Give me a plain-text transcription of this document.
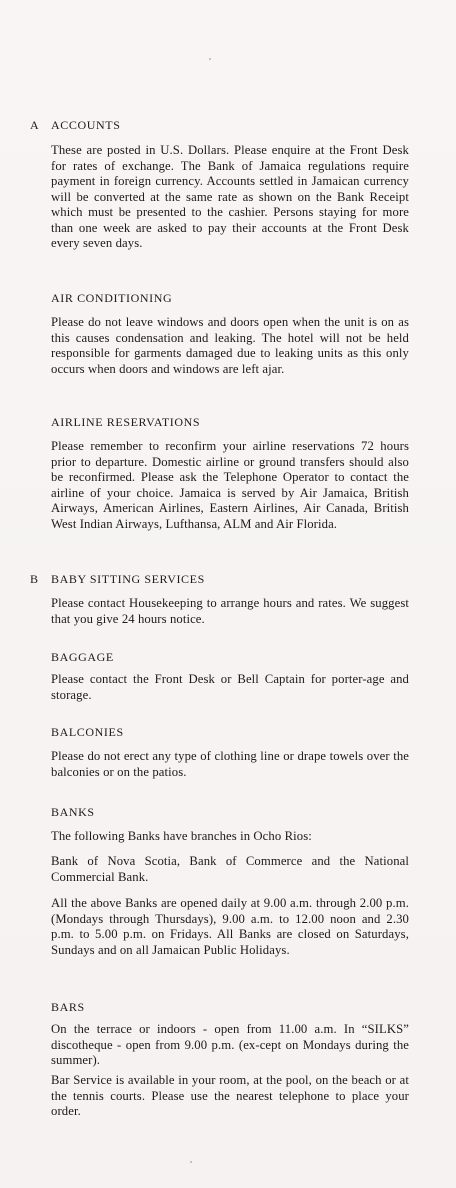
A ACCOUNTS
These are posted in U.S. Dollars. Please enquire at the Front Desk for rates of exchange. The Bank of Jamaica regulations require payment in foreign currency. Accounts settled in Jamaican currency will be converted at the same rate as shown on the Bank Receipt which must be presented to the cashier. Persons staying for more than one week are asked to pay their accounts at the Front Desk every seven days.
AIR CONDITIONING
Please do not leave windows and doors open when the unit is on as this causes condensation and leaking. The hotel will not be held responsible for garments damaged due to leaking units as this only occurs when doors and windows are left ajar.
AIRLINE RESERVATIONS
Please remember to reconfirm your airline reservations 72 hours prior to departure. Domestic airline or ground transfers should also be reconfirmed. Please ask the Telephone Operator to contact the airline of your choice. Jamaica is served by Air Jamaica, British Airways, American Airlines, Eastern Airlines, Air Canada, British West Indian Airways, Lufthansa, ALM and Air Florida.
B BABY SITTING SERVICES
Please contact Housekeeping to arrange hours and rates. We suggest that you give 24 hours notice.
BAGGAGE
Please contact the Front Desk or Bell Captain for porter-age and storage.
BALCONIES
Please do not erect any type of clothing line or drape towels over the balconies or on the patios.
BANKS
The following Banks have branches in Ocho Rios:
Bank of Nova Scotia, Bank of Commerce and the National Commercial Bank.
All the above Banks are opened daily at 9.00 a.m. through 2.00 p.m. (Mondays through Thursdays), 9.00 a.m. to 12.00 noon and 2.30 p.m. to 5.00 p.m. on Fridays. All Banks are closed on Saturdays, Sundays and on all Jamaican Public Holidays.
BARS
On the terrace or indoors - open from 11.00 a.m. In “SILKS” discotheque - open from 9.00 p.m. (ex-cept on Mondays during the summer).
Bar Service is available in your room, at the pool, on the beach or at the tennis courts. Please use the nearest telephone to place your order.
